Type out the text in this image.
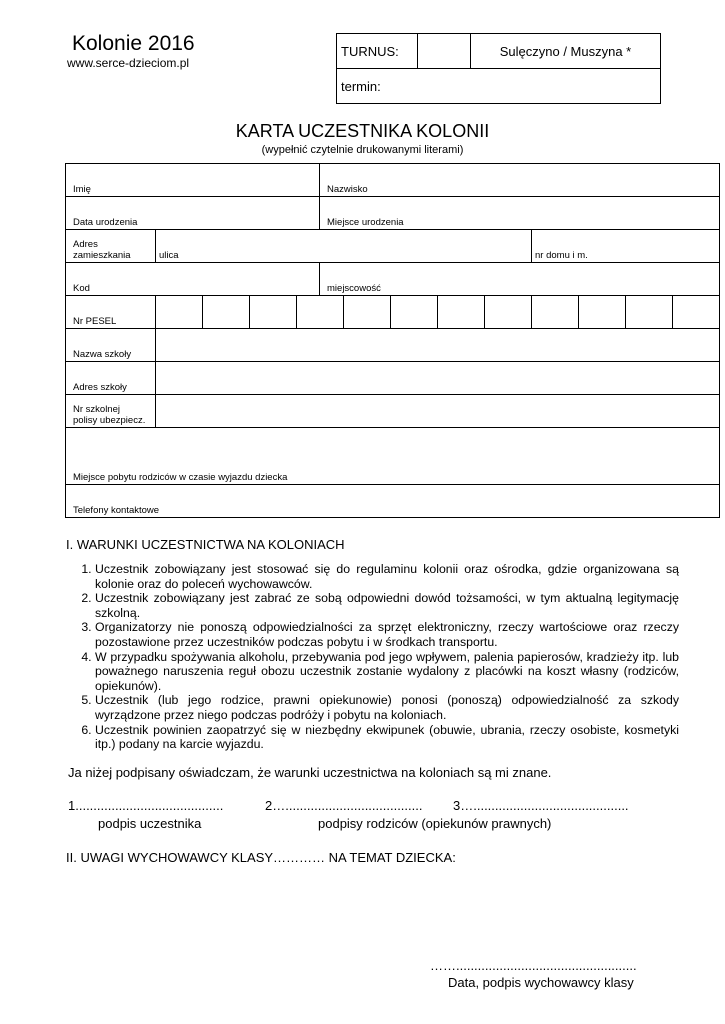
Kolonie 2016
www.serce-dzieciom.pl
TURNUS:		Sulęczyno / Muszyna *
termin:
KARTA UCZESTNIKA KOLONII
(wypełnić czytelnie drukowanymi literami)
Imię					Nazwisko								
Data urodzenia					Miejsce urodzenia								
Adres
zamieszkania	ulica									nr domu i m.			
Kod					miejscowość								
Nr PESEL													
Nazwa szkoły													
Adres szkoły													
Nr szkolnej
polisy ubezpiecz.													
Miejsce pobytu rodziców w czasie wyjazdu dziecka													
Telefony kontaktowe													
I. WARUNKI UCZESTNICTWA NA KOLONIACH
1. Uczestnik zobowiązany jest stosować się do regulaminu kolonii oraz ośrodka, gdzie organizowana są kolonie oraz do poleceń wychowawców.
2. Uczestnik zobowiązany jest zabrać ze sobą odpowiedni dowód tożsamości, w tym aktualną legitymację szkolną.
3. Organizatorzy nie ponoszą odpowiedzialności za sprzęt elektroniczny, rzeczy wartościowe oraz rzeczy pozostawione przez uczestników podczas pobytu i w środkach transportu.
4. W przypadku spożywania alkoholu, przebywania pod jego wpływem, palenia papierosów, kradzieży itp. lub poważnego naruszenia reguł obozu uczestnik zostanie wydalony z placówki na koszt własny (rodziców, opiekunów).
5. Uczestnik (lub jego rodzice, prawni opiekunowie) ponosi (ponoszą) odpowiedzialność za szkody wyrządzone przez niego podczas podróży i pobytu na koloniach.
6. Uczestnik powinien zaopatrzyć się w niezbędny ekwipunek (obuwie, ubrania, rzeczy osobiste, kosmetyki itp.) podany na karcie wyjazdu.
Ja niżej podpisany oświadczam, że warunki uczestnictwa na koloniach są mi znane.
1.........................................	2…...................................... 3…...........................................
podpis uczestnika	podpisy rodziców (opiekunów prawnych)
II. UWAGI WYCHOWAWCY KLASY………… NA TEMAT DZIECKA:
……..................................................
Data, podpis wychowawcy klasy
